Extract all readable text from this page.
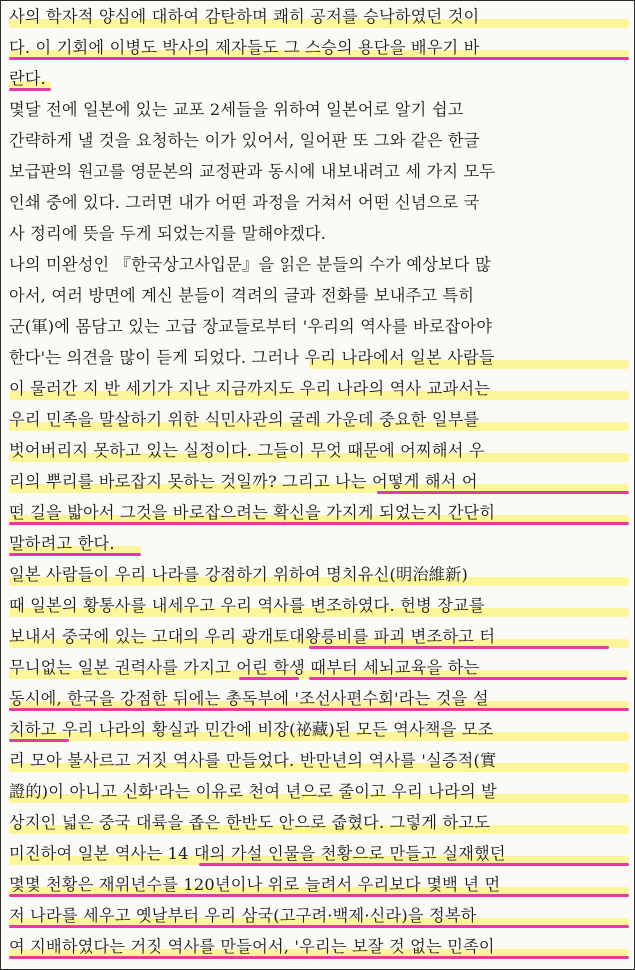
사의 학자적 양심에 대하여 감탄하며 쾌히 공저를 승낙하였던 것이
다. 이 기회에 이병도 박사의 제자들도 그 스승의 용단을 배우기 바
란다.
몇달 전에 일본에 있는 교포 2세들을 위하여 일본어로 알기 쉽고
간략하게 낼 것을 요청하는 이가 있어서, 일어판 또 그와 같은 한글
보급판의 원고를 영문본의 교정판과 동시에 내보내려고 세 가지 모두
인쇄 중에 있다. 그러면 내가 어떤 과정을 거쳐서 어떤 신념으로 국
사 정리에 뜻을 두게 되었는지를 말해야겠다.
나의 미완성인 『한국상고사입문』을 읽은 분들의 수가 예상보다 많
아서, 여러 방면에 계신 분들이 격려의 글과 전화를 보내주고 특히
군(軍)에 몸담고 있는 고급 장교들로부터 '우리의 역사를 바로잡아야
한다'는 의견을 많이 듣게 되었다. 그러나 우리 나라에서 일본 사람들
이 물러간 지 반 세기가 지난 지금까지도 우리 나라의 역사 교과서는
우리 민족을 말살하기 위한 식민사관의 굴레 가운데 중요한 일부를
벗어버리지 못하고 있는 실정이다. 그들이 무엇 때문에 어찌해서 우
리의 뿌리를 바로잡지 못하는 것일까? 그리고 나는 어떻게 해서 어
떤 길을 밟아서 그것을 바로잡으려는 확신을 가지게 되었는지 간단히
말하려고 한다.
일본 사람들이 우리 나라를 강점하기 위하여 명치유신(明治維新)
때 일본의 황통사를 내세우고 우리 역사를 변조하였다. 헌병 장교를
보내서 중국에 있는 고대의 우리 광개토대왕릉비를 파괴 변조하고 터
무니없는 일본 권력사를 가지고 어린 학생 때부터 세뇌교육을 하는
동시에, 한국을 강점한 뒤에는 총독부에 '조선사편수회'라는 것을 설
치하고 우리 나라의 황실과 민간에 비장(祕藏)된 모든 역사책을 모조
리 모아 불사르고 거짓 역사를 만들었다. 반만년의 역사를 '실증적(實
證的)이 아니고 신화'라는 이유로 천여 년으로 줄이고 우리 나라의 발
상지인 넓은 중국 대륙을 좁은 한반도 안으로 줍혔다. 그렇게 하고도
미진하여 일본 역사는 14 대의 가설 인물을 천황으로 만들고 실재했던
몇몇 천황은 재위년수를 120년이나 위로 늘려서 우리보다 몇백 년 먼
저 나라를 세우고 옛날부터 우리 삼국(고구려·백제·신라)을 정복하
여 지배하였다는 거짓 역사를 만들어서, '우리는 보잘 것 없는 민족이
